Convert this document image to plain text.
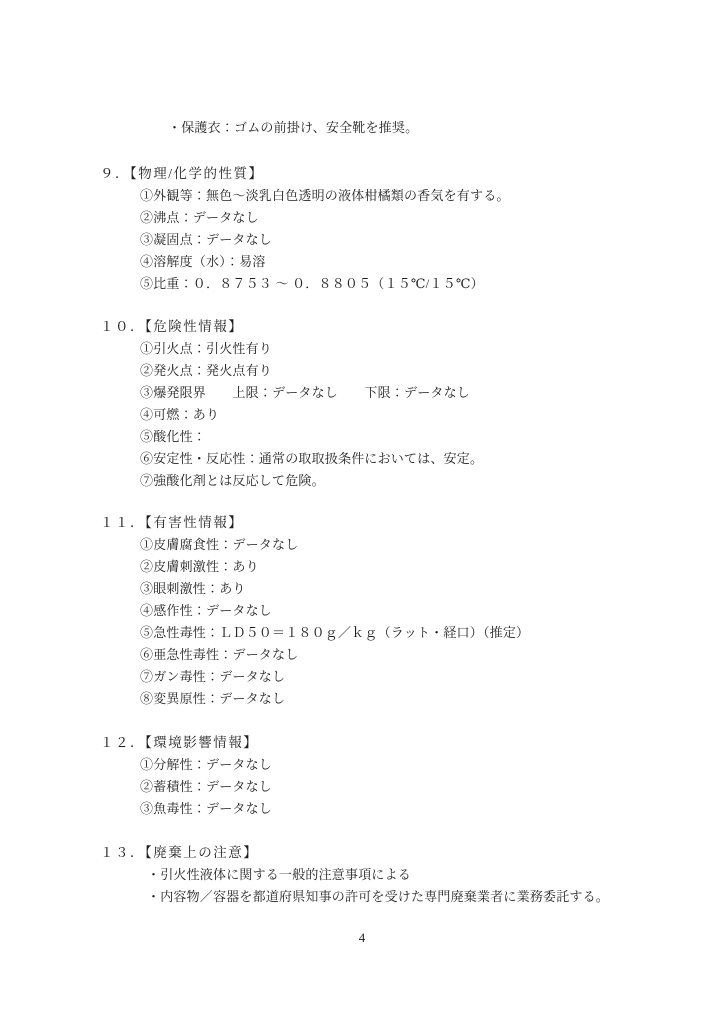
・保護衣：ゴムの前掛け、安全靴を推奨。
９．【物理/化学的性質】
①外観等：無色～淡乳白色透明の液体柑橘類の香気を有する。
②沸点：データなし
③凝固点：データなし
④溶解度（水）：易溶
⑤比重：０．８７５３ ～ ０．８８０５（１５℃/１５℃）
１０．【危険性情報】
①引火点：引火性有り
②発火点：発火点有り
③爆発限界　　上限：データなし　　下限：データなし
④可燃：あり
⑤酸化性：
⑥安定性・反応性：通常の取取扱条件においては、安定。
⑦強酸化剤とは反応して危険。
１１．【有害性情報】
①皮膚腐食性：データなし
②皮膚刺激性：あり
③眼刺激性：あり
④感作性：データなし
⑤急性毒性：ＬＤ５０＝１８０ｇ／ｋｇ（ラット・経口）（推定）
⑥亜急性毒性：データなし
⑦ガン毒性：データなし
⑧変異原性：データなし
１２．【環境影響情報】
①分解性：データなし
②蓄積性：データなし
③魚毒性：データなし
１３．【廃棄上の注意】
・引火性液体に関する一般的注意事項による
・内容物／容器を都道府県知事の許可を受けた専門廃棄業者に業務委託する。
4
